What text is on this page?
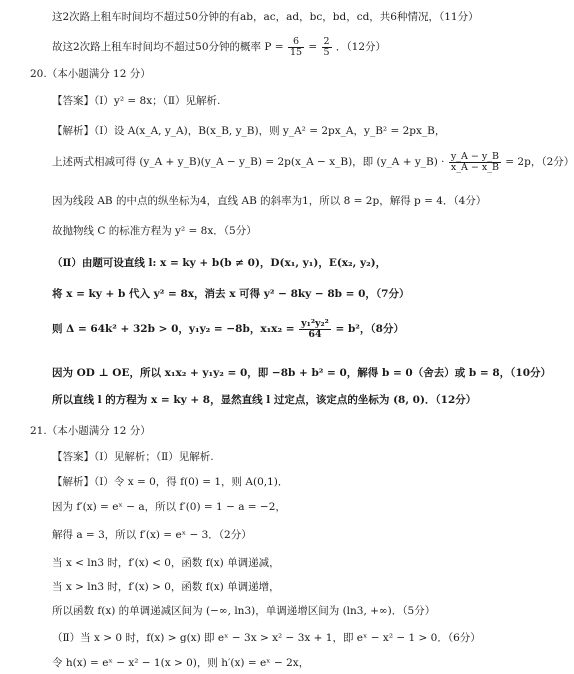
这2次路上租车时间均不超过50分钟的有ab，ac，ad，bc，bd，cd，共6种情况，（11分）
故这2次路上租车时间均不超过50分钟的概率 $P = \frac{6}{15} = \frac{2}{5}$ ．（12分）
20.（本小题满分 12 分）
【答案】（Ⅰ）y² = 8x；（Ⅱ）见解析.
【解析】（Ⅰ）设 A(x_A, y_A)，B(x_B, y_B)，则 y_A² = 2px_A，y_B² = 2px_B，
上述两式相减可得 (y_A + y_B)(y_A − y_B) = 2p(x_A − x_B)，即 (y_A + y_B) · $\frac{y\_A - y\_B}{x\_A - x\_B} = 2p$，（2分）
因为线段 AB 的中点的纵坐标为4，直线 AB 的斜率为1，所以 8 = 2p，解得 p = 4．（4分）
故抛物线 C 的标准方程为 y² = 8x．（5分）
（Ⅱ）由题可设直线 l: x = ky + b(b ≠ 0)，D(x₁, y₁)，E(x₂, y₂)，
将 x = ky + b 代入 y² = 8x，消去 x 可得 y² − 8ky − 8b = 0，（7分）
则 Δ = 64k² + 32b > 0，y₁y₂ = −8b，$x_1x_2 = \frac{\text{y₁²y₂²}}{64} = b^2$，（8分）
因为 OD ⊥ OE，所以 x₁x₂ + y₁y₂ = 0，即 −8b + b² = 0，解得 b = 0（舍去）或 b = 8，（10分）
所以直线 l 的方程为 x = ky + 8，显然直线 l 过定点，该定点的坐标为 (8, 0)．（12分）
21.（本小题满分 12 分）
【答案】（Ⅰ）见解析；（Ⅱ）见解析.
【解析】（Ⅰ）令 x = 0，得 f(0) = 1，则 A(0,1)．
因为 f′(x) = eˣ − a，所以 f′(0) = 1 − a = −2，
解得 a = 3，所以 f′(x) = eˣ − 3．（2分）
当 x < ln3 时，f′(x) < 0，函数 f(x) 单调递减，
当 x > ln3 时，f′(x) > 0，函数 f(x) 单调递增，
所以函数 f(x) 的单调递减区间为 (−∞, ln3)，单调递增区间为 (ln3, +∞)．（5分）
（Ⅱ）当 x > 0 时，f(x) > g(x) 即 eˣ − 3x > x² − 3x + 1，即 eˣ − x² − 1 > 0．（6分）
令 h(x) = eˣ − x² − 1(x > 0)，则 h′(x) = eˣ − 2x，
